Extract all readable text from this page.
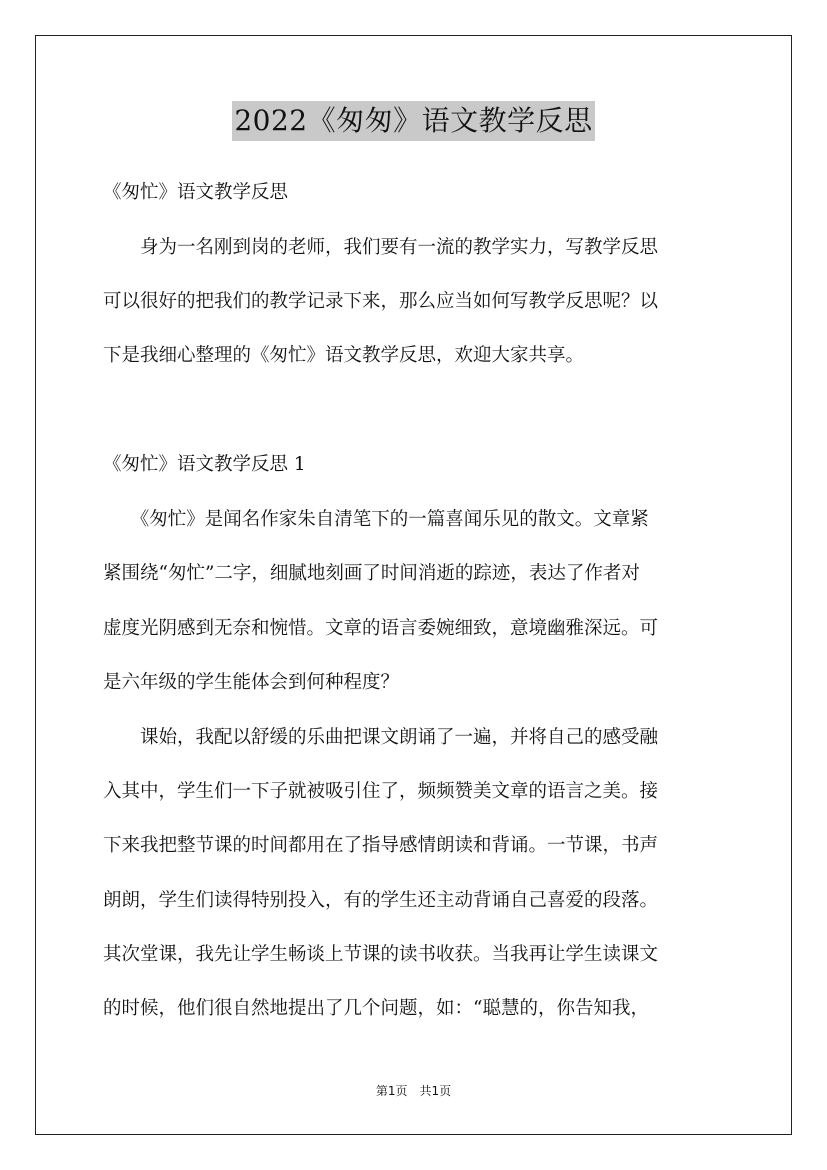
2022《匆匆》语文教学反思
《匆忙》语文教学反思
　　身为一名刚到岗的老师，我们要有一流的教学实力，写教学反思
可以很好的把我们的教学记录下来，那么应当如何写教学反思呢？以
下是我细心整理的《匆忙》语文教学反思，欢迎大家共享。
《匆忙》语文教学反思 1
　　《匆忙》是闻名作家朱自清笔下的一篇喜闻乐见的散文。文章紧
紧围绕“匆忙”二字，细腻地刻画了时间消逝的踪迹，表达了作者对
虚度光阴感到无奈和惋惜。文章的语言委婉细致，意境幽雅深远。可
是六年级的学生能体会到何种程度？
　　课始，我配以舒缓的乐曲把课文朗诵了一遍，并将自己的感受融
入其中，学生们一下子就被吸引住了，频频赞美文章的语言之美。接
下来我把整节课的时间都用在了指导感情朗读和背诵。一节课，书声
朗朗，学生们读得特别投入，有的学生还主动背诵自己喜爱的段落。
其次堂课，我先让学生畅谈上节课的读书收获。当我再让学生读课文
的时候，他们很自然地提出了几个问题，如：“聪慧的，你告知我，
第1页　共1页
